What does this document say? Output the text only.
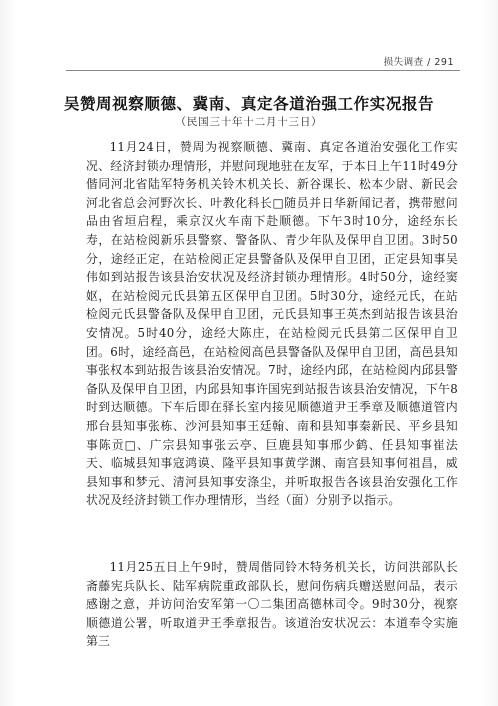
损失调查 / 291
吴赞周视察顺德、冀南、真定各道治强工作实况报告
（民国三十年十二月十三日）

11月24日，赞周为视察顺德、冀南、真定各道治安强化工作实况、经济封锁办理情形，并慰问现地驻在友军，于本日上午11时49分偕同河北省陆军特务机关铃木机关长、新谷课长、松本少尉、新民会河北省总会河野次长、叶教化科长□随员并日华新闻记者，携带慰问品由省垣启程，乘京汉火车南下赴顺德。下午3时10分，途经东长寿，在站检阅新乐县警察、警备队、青少年队及保甲自卫团。3时50分，途经正定，在站检阅正定县警备队及保甲自卫团，正定县知事吴伟如到站报告该县治安状况及经济封锁办理情形。4时50分，途经窦妪，在站检阅元氏县第五区保甲自卫团。5时30分，途经元氏，在站检阅元氏县警备队及保甲自卫团，元氏县知事王英杰到站报告该县治安情况。5时40分，途经大陈庄，在站检阅元氏县第二区保甲自卫团。6时，途经高邑，在站检阅高邑县警备队及保甲自卫团，高邑县知事张权本到站报告该县治安情况。7时，途经内邱，在站检阅内邱县警备队及保甲自卫团，内邱县知事许国宪到站报告该县治安情况，下午8时到达顺德。下车后即在驿长室内接见顺德道尹王季章及顺德道管内邢台县知事张栋、沙河县知事王廷翰、南和县知事秦新民、平乡县知事陈贡□、广宗县知事张云亭、巨鹿县知事邢少鹤、任县知事崔法天、临城县知事寇鸿谟、隆平县知事黄学渊、南宫县知事何祖昌，威县知事和梦元、清河县知事安涤尘，并听取报告各该县治安强化工作状况及经济封锁工作办理情形，当经（面）分别予以指示。

11月25五日上午9时，赞周偕同铃木特务机关长，访问洪部队长斋藤宪兵队长、陆军病院重政部队长，慰问伤病兵赠送慰问品，表示感谢之意，并访问治安军第一〇二集团高德林司令。9时30分，视察顺德道公署，听取道尹王季章报告。该道治安状况云：本道奉令实施第三
